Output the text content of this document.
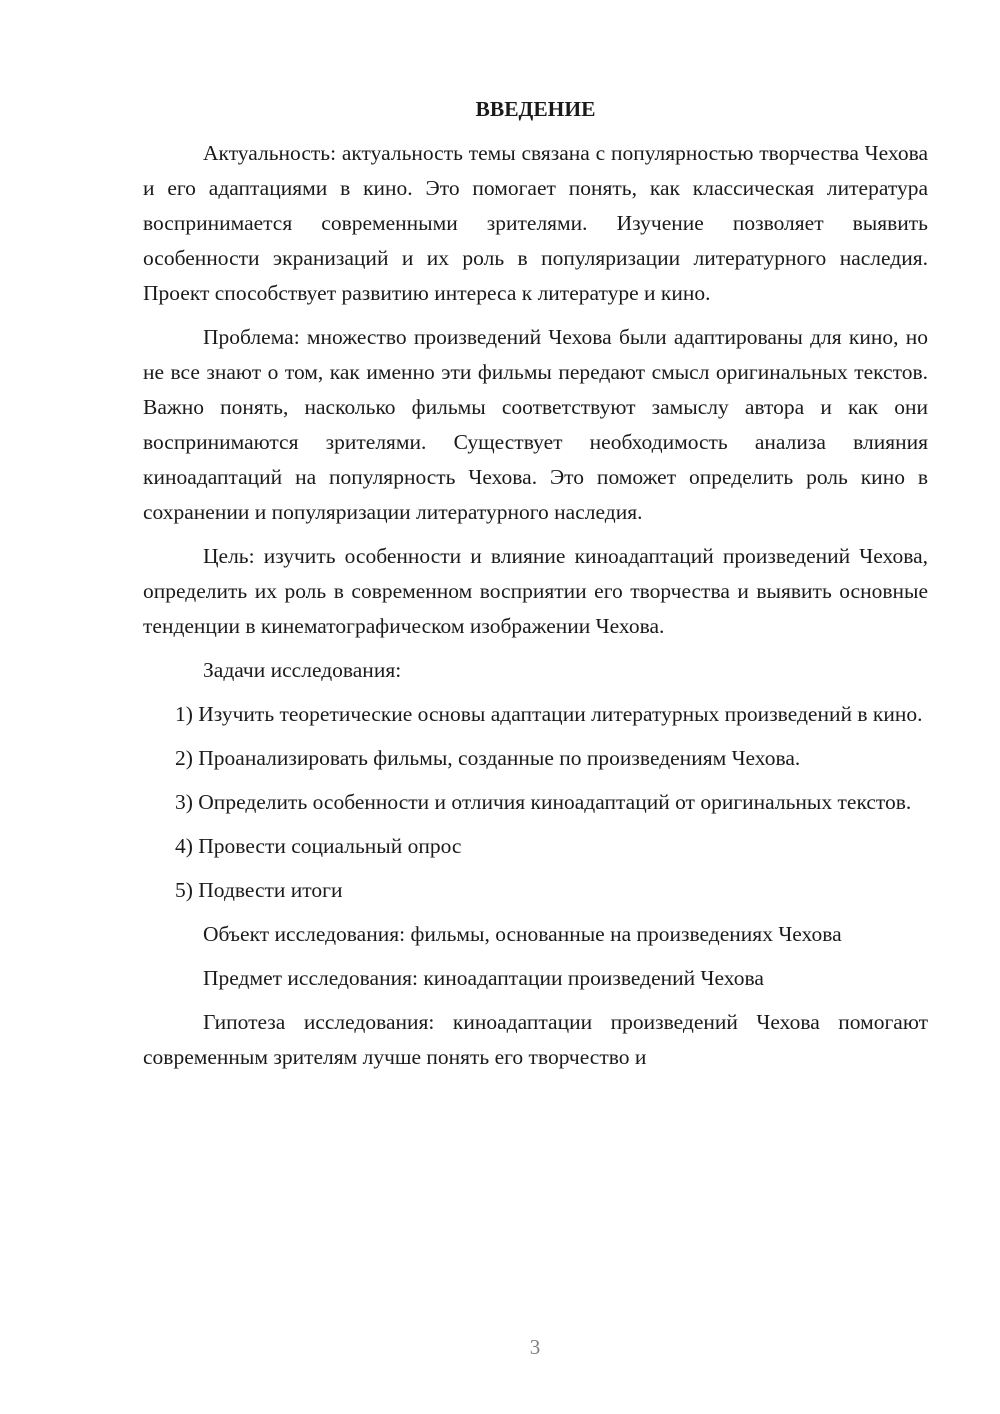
ВВЕДЕНИЕ
Актуальность: актуальность темы связана с популярностью творчества Чехова и его адаптациями в кино. Это помогает понять, как классическая литература воспринимается современными зрителями. Изучение позволяет выявить особенности экранизаций и их роль в популяризации литературного наследия. Проект способствует развитию интереса к литературе и кино.
Проблема: множество произведений Чехова были адаптированы для кино, но не все знают о том, как именно эти фильмы передают смысл оригинальных текстов. Важно понять, насколько фильмы соответствуют замыслу автора и как они воспринимаются зрителями. Существует необходимость анализа влияния киноадаптаций на популярность Чехова. Это поможет определить роль кино в сохранении и популяризации литературного наследия.
Цель: изучить особенности и влияние киноадаптаций произведений Чехова, определить их роль в современном восприятии его творчества и выявить основные тенденции в кинематографическом изображении Чехова.
Задачи исследования:
1) Изучить теоретические основы адаптации литературных произведений в кино.
2) Проанализировать фильмы, созданные по произведениям Чехова.
3) Определить особенности и отличия киноадаптаций от оригинальных текстов.
4) Провести социальный опрос
5) Подвести итоги
Объект исследования: фильмы, основанные на произведениях Чехова
Предмет исследования: киноадаптации произведений Чехова
Гипотеза исследования: киноадаптации произведений Чехова помогают современным зрителям лучше понять его творчество и
3
